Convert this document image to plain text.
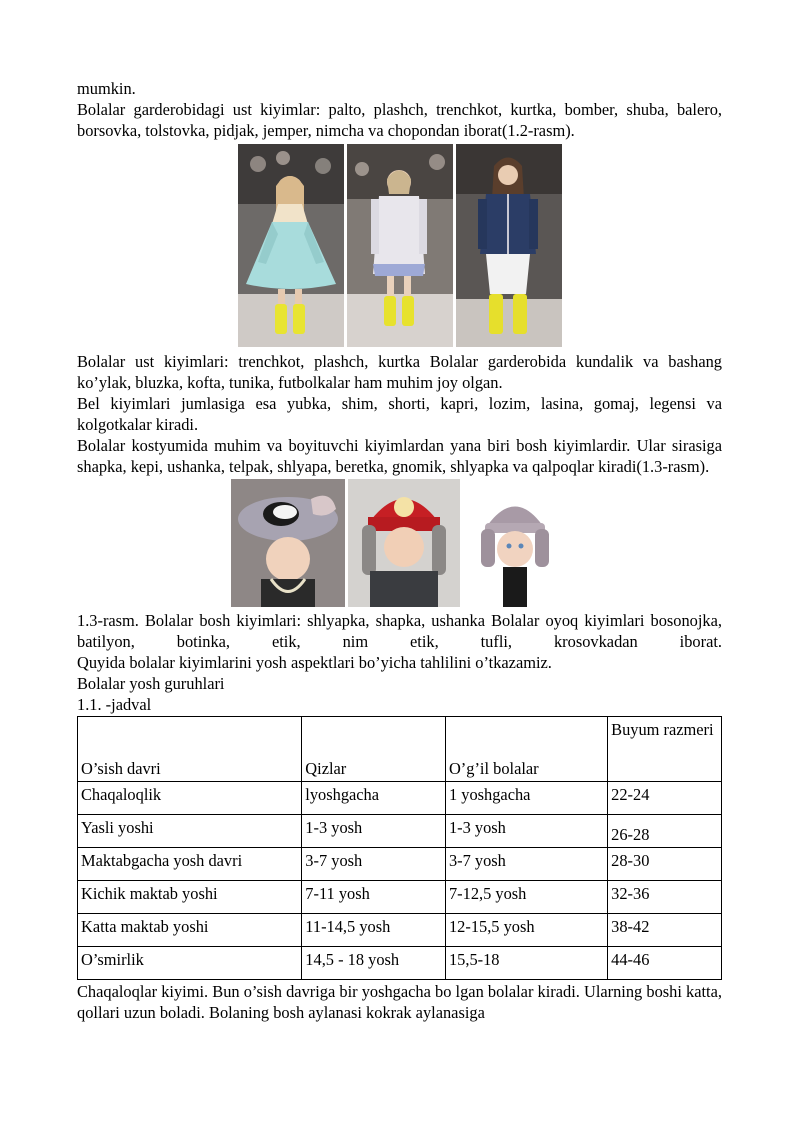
mumkin.

Bolalar garderobidagi ust kiyimlar: palto, plashch, trenchkot, kurtka, bomber, shuba, balero, borsovka, tolstovka, pidjak, jemper, nimcha va chopondan iborat(1.2-rasm).

Bolalar ust kiyimlari: trenchkot, plashch, kurtka Bolalar garderobida kundalik va bashang ko’ylak, bluzka, kofta, tunika, futbolkalar ham muhim joy olgan.

Bel kiyimlari jumlasiga esa yubka, shim, shorti, kapri, lozim, lasina, gomaj, legensi va kolgotkalar kiradi.

Bolalar kostyumida muhim va boyituvchi kiyimlardan yana biri bosh kiyimlardir. Ular sirasiga shapka, kepi, ushanka, telpak, shlyapa, beretka, gnomik, shlyapka va qalpoqlar kiradi(1.3-rasm).

1.3-rasm. Bolalar bosh kiyimlari: shlyapka, shapka, ushanka Bolalar oyoq kiyimlari bosonojka, batilyon, botinka, etik, nim etik, tufli, krosovkadan iborat.

Quyida bolalar kiyimlarini yosh aspektlari bo’yicha tahlilini o’tkazamiz.

Bolalar yosh guruhlari

1.1. -jadval

O’sish davri	Qizlar	O’g’il bolalar	Buyum razmeri
Chaqaloqlik	lyoshgacha	1 yoshgacha	22-24
Yasli yoshi	1-3 yosh	1-3 yosh	26-28
Maktabgacha yosh davri	3-7 yosh	3-7 yosh	28-30
Kichik maktab yoshi	7-11 yosh	7-12,5 yosh	32-36
Katta maktab yoshi	11-14,5 yosh	12-15,5 yosh	38-42
O’smirlik	14,5 - 18 yosh	15,5-18	44-46

Chaqaloqlar kiyimi. Bun o’sish davriga bir yoshgacha bo lgan bolalar kiradi. Ularning boshi katta, qollari uzun boladi. Bolaning bosh aylanasi kokrak aylanasiga
